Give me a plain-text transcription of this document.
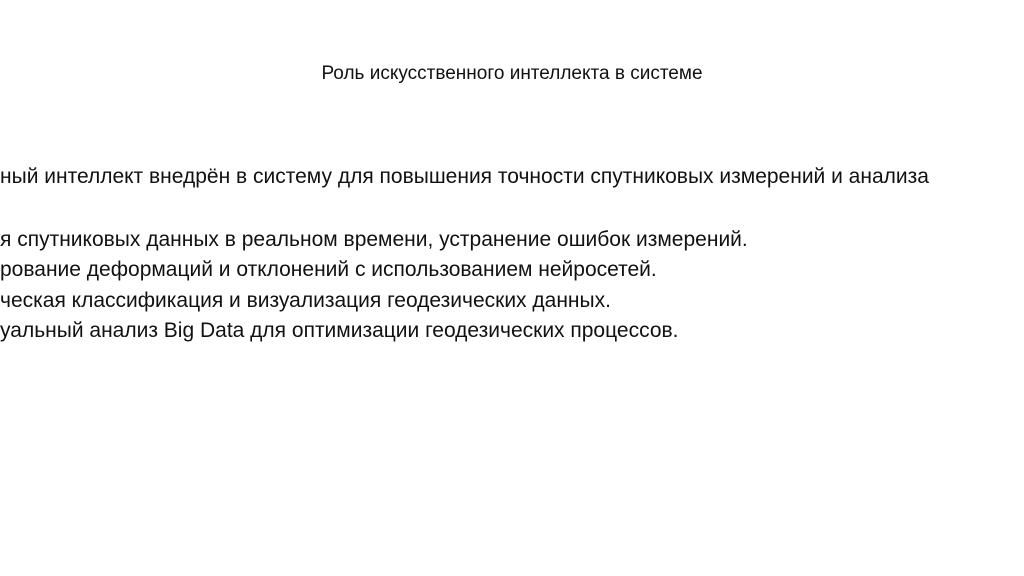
Роль искусственного интеллекта в системе
ный интеллект внедрён в систему для повышения точности спутниковых измерений и анализа
я спутниковых данных в реальном времени, устранение ошибок измерений.
рование деформаций и отклонений с использованием нейросетей.
ческая классификация и визуализация геодезических данных.
уальный анализ Big Data для оптимизации геодезических процессов.
